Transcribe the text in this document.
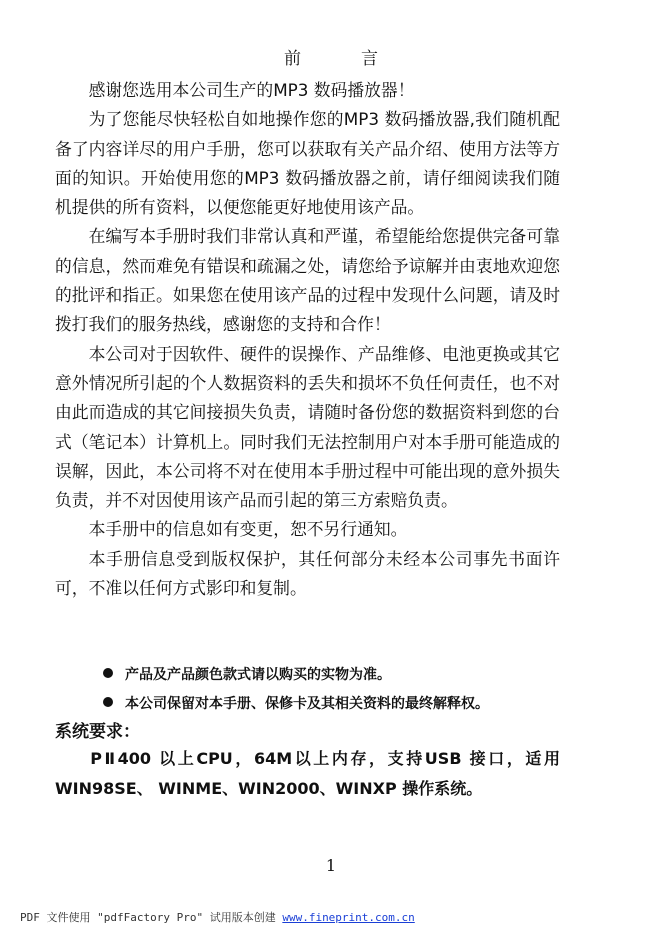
前	言

感谢您选用本公司生产的MP3 数码播放器！

为了您能尽快轻松自如地操作您的MP3 数码播放器,我们随机配备了内容详尽的用户手册，您可以获取有关产品介绍、使用方法等方面的知识。开始使用您的MP3 数码播放器之前，请仔细阅读我们随机提供的所有资料，以便您能更好地使用该产品。

在编写本手册时我们非常认真和严谨，希望能给您提供完备可靠的信息，然而难免有错误和疏漏之处，请您给予谅解并由衷地欢迎您的批评和指正。如果您在使用该产品的过程中发现什么问题，请及时拨打我们的服务热线，感谢您的支持和合作！

本公司对于因软件、硬件的误操作、产品维修、电池更换或其它意外情况所引起的个人数据资料的丢失和损坏不负任何责任，也不对由此而造成的其它间接损失负责，请随时备份您的数据资料到您的台式（笔记本）计算机上。同时我们无法控制用户对本手册可能造成的误解，因此，本公司将不对在使用本手册过程中可能出现的意外损失负责，并不对因使用该产品而引起的第三方索赔负责。

本手册中的信息如有变更，恕不另行通知。

本手册信息受到版权保护，其任何部分未经本公司事先书面许可，不准以任何方式影印和复制。

产品及产品颜色款式请以购买的实物为准。
本公司保留对本手册、保修卡及其相关资料的最终解释权。
系统要求：

PⅡ400 以上CPU，64M以上内存，支持USB 接口，适用WIN98SE、 WINME、WIN2000、WINXP 操作系统。

1
PDF 文件使用 "pdfFactory Pro" 试用版本创建 www.fineprint.com.cn
